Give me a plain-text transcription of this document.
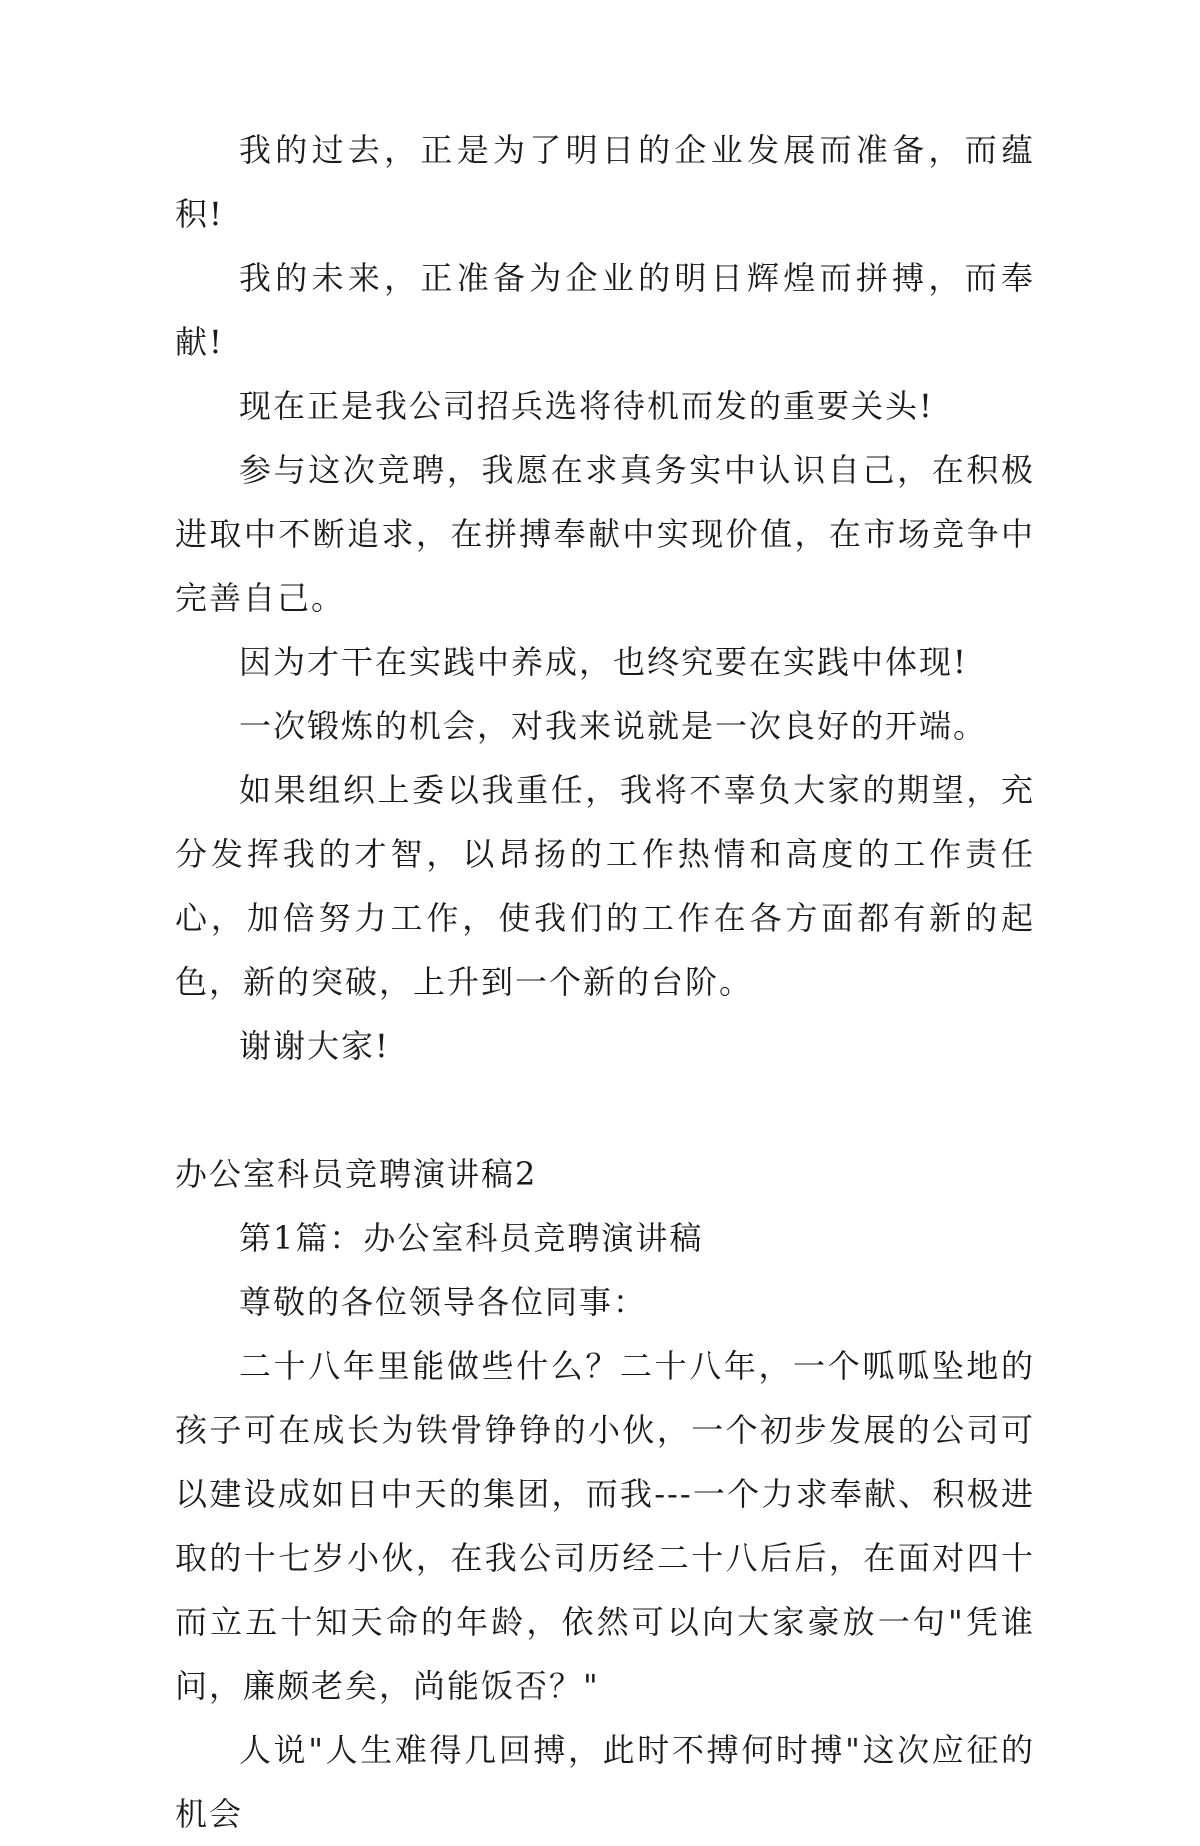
我的过去，正是为了明日的企业发展而准备，而蕴积!

我的未来，正准备为企业的明日辉煌而拼搏，而奉献!

现在正是我公司招兵选将待机而发的重要关头!

参与这次竞聘，我愿在求真务实中认识自己，在积极进取中不断追求，在拼搏奉献中实现价值，在市场竞争中完善自己。

因为才干在实践中养成，也终究要在实践中体现!

一次锻炼的机会，对我来说就是一次良好的开端。

如果组织上委以我重任，我将不辜负大家的期望，充分发挥我的才智，以昂扬的工作热情和高度的工作责任心，加倍努力工作，使我们的工作在各方面都有新的起色，新的突破，上升到一个新的台阶。

谢谢大家!

办公室科员竞聘演讲稿2

第1篇：办公室科员竞聘演讲稿

尊敬的各位领导各位同事：

二十八年里能做些什么？二十八年，一个呱呱坠地的孩子可在成长为铁骨铮铮的小伙，一个初步发展的公司可以建设成如日中天的集团，而我---一个力求奉献、积极进取的十七岁小伙，在我公司历经二十八后后，在面对四十而立五十知天命的年龄，依然可以向大家豪放一句"凭谁问，廉颇老矣，尚能饭否？"

人说"人生难得几回搏，此时不搏何时搏"这次应征的机会
